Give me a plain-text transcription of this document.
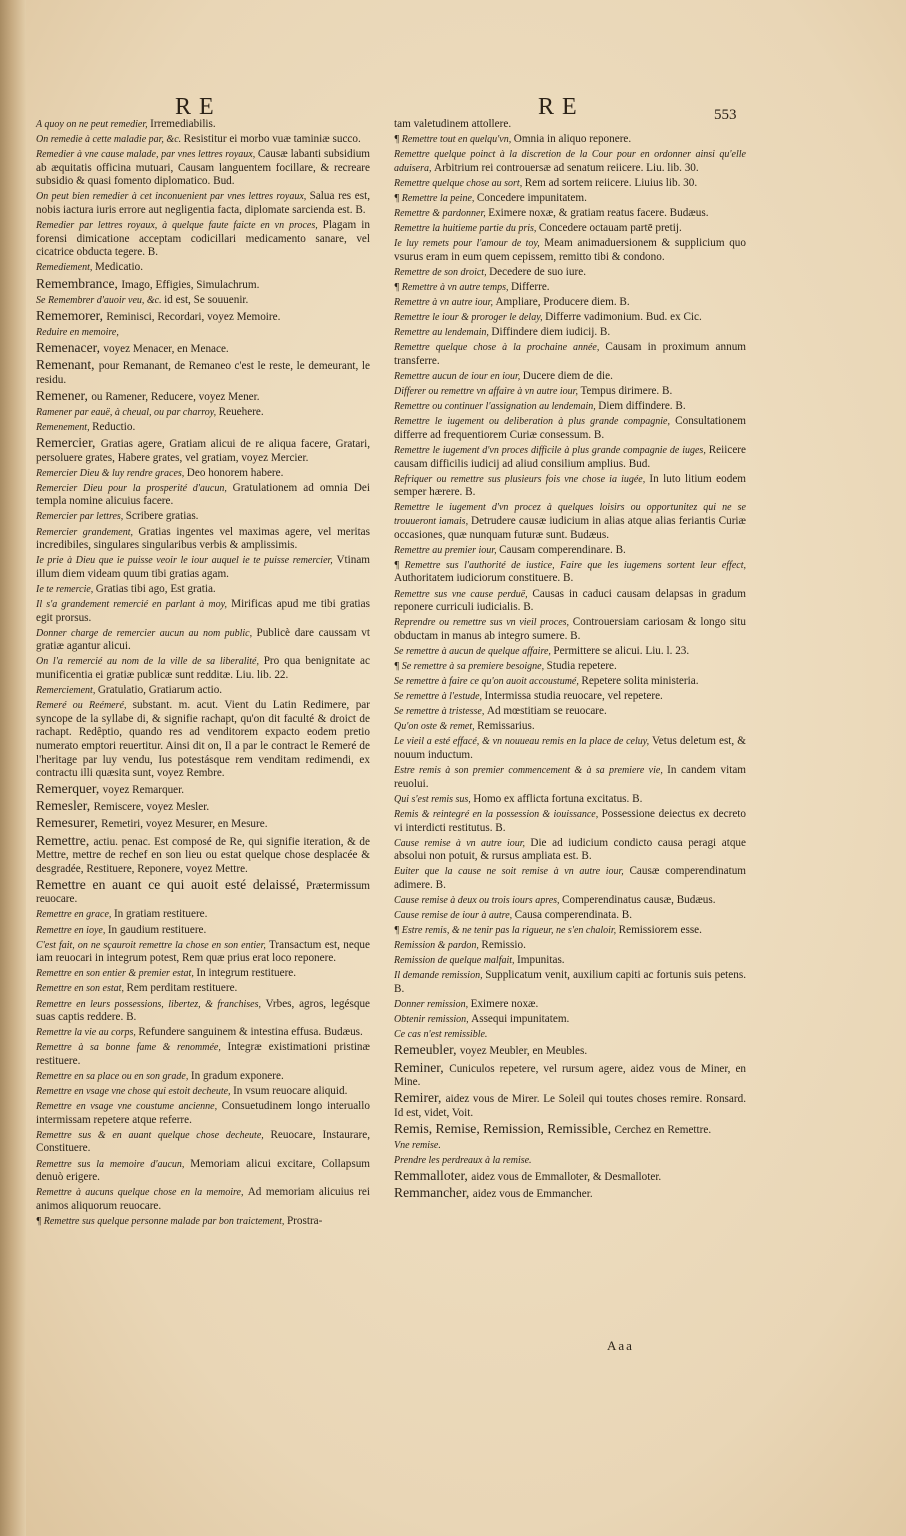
RE	RE	553

A quoy on ne peut remedier, Irremediabilis.

On remedie à cette maladie par, &c. Resistitur ei morbo vuæ taminiæ succo.

Remedier à vne cause malade, par vnes lettres royaux, Causæ labanti subsidium ab æquitatis officina mutuari, Causam languentem focillare, & recreare subsidio & quasi fomento diplomatico. Bud.

On peut bien remedier à cet inconuenient par vnes lettres royaux, Salua res est, nobis iactura iuris errore aut negligentia facta, diplomate sarcienda est. B.

Remedier par lettres royaux, à quelque faute faicte en vn proces, Plagam in forensi dimicatione acceptam codicillari medicamento sanare, vel cicatrice obducta tegere. B.

Remediement, Medicatio.

Remembrance, Imago, Effigies, Simulachrum.

Se Remembrer d'auoir veu, &c. id est, Se souuenir.

Rememorer, Reminisci, Recordari, voyez Memoire.

Reduire en memoire,

Remenacer, voyez Menacer, en Menace.

Remenant, pour Remanant, de Remaneo c'est le reste, le demeurant, le residu.

Remener, ou Ramener, Reducere, voyez Mener.

Ramener par eauë, à cheual, ou par charroy, Reuehere.

Remenement, Reductio.

Remercier, Gratias agere, Gratiam alicui de re aliqua facere, Gratari, persoluere grates, Habere grates, vel gratiam, voyez Mercier.

Remercier Dieu & luy rendre graces, Deo honorem habere.

Remercier Dieu pour la prosperité d'aucun, Gratulationem ad omnia Dei templa nomine alicuius facere.

Remercier par lettres, Scribere gratias.

Remercier grandement, Gratias ingentes vel maximas agere, vel meritas incredibiles, singulares singularibus verbis & amplissimis.

Ie prie à Dieu que ie puisse veoir le iour auquel ie te puisse remercier, Vtinam illum diem videam quum tibi gratias agam.

Ie te remercie, Gratias tibi ago, Est gratia.

Il s'a grandement remercié en parlant à moy, Mirificas apud me tibi gratias egit prorsus.

Donner charge de remercier aucun au nom public, Publicè dare caussam vt gratiæ agantur alicui.

On l'a remercié au nom de la ville de sa liberalité, Pro qua benignitate ac munificentia ei gratiæ publicæ sunt redditæ. Liu. lib. 22.

Remerciement, Gratulatio, Gratiarum actio.

Remeré ou Reémeré, substant. m. acut. Vient du Latin Redimere, par syncope de la syllabe di, & signifie rachapt, qu'on dit faculté & droict de rachapt. Redêptio, quando res ad venditorem expacto eodem pretio numerato emptori reuertitur. Ainsi dit on, Il a par le contract le Remeré de l'heritage par luy vendu, Ius potestásque rem venditam redimendi, ex contractu illi quæsita sunt, voyez Rembre.

Remerquer, voyez Remarquer.

Remesler, Remiscere, voyez Mesler.

Remesurer, Remetiri, voyez Mesurer, en Mesure.

Remettre, actiu. penac. Est composé de Re, qui signifie iteration, & de Mettre, mettre de rechef en son lieu ou estat quelque chose desplacée & desgradée, Restituere, Reponere, voyez Mettre.

Remettre en auant ce qui auoit esté delaissé, Prætermissum reuocare.

Remettre en grace, In gratiam restituere.

Remettre en ioye, In gaudium restituere.

C'est fait, on ne sçauroit remettre la chose en son entier, Transactum est, neque iam reuocari in integrum potest, Rem quæ prius erat loco reponere.

Remettre en son entier & premier estat, In integrum restituere.

Remettre en son estat, Rem perditam restituere.

Remettre en leurs possessions, libertez, & franchises, Vrbes, agros, legésque suas captis reddere. B.

Remettre la vie au corps, Refundere sanguinem & intestina effusa. Budæus.

Remettre à sa bonne fame & renommée, Integræ existimationi pristinæ restituere.

Remettre en sa place ou en son grade, In gradum exponere.

Remettre en vsage vne chose qui estoit decheute, In vsum reuocare aliquid.

Remettre en vsage vne coustume ancienne, Consuetudinem longo interuallo intermissam repetere atque referre.

Remettre sus & en auant quelque chose decheute, Reuocare, Instaurare, Constituere.

Remettre sus la memoire d'aucun, Memoriam alicui excitare, Collapsum denuò erigere.

Remettre à aucuns quelque chose en la memoire, Ad memoriam alicuius rei animos aliquorum reuocare.

¶ Remettre sus quelque personne malade par bon traictement, Prostra-

tam valetudinem attollere.

¶ Remettre tout en quelqu'vn, Omnia in aliquo reponere.

Remettre quelque poinct à la discretion de la Cour pour en ordonner ainsi qu'elle aduisera, Arbitrium rei controuersæ ad senatum reiicere. Liu. lib. 30.

Remettre quelque chose au sort, Rem ad sortem reiicere. Liuius lib. 30.

¶ Remettre la peine, Concedere impunitatem.

Remettre & pardonner, Eximere noxæ, & gratiam reatus facere. Budæus.

Remettre la huitieme partie du pris, Concedere octauam partē pretij.

Ie luy remets pour l'amour de toy, Meam animaduersionem & supplicium quo vsurus eram in eum quem cepissem, remitto tibi & condono.

Remettre de son droict, Decedere de suo iure.

¶ Remettre à vn autre temps, Differre.

Remettre à vn autre iour, Ampliare, Producere diem. B.

Remettre le iour & proroger le delay, Differre vadimonium. Bud. ex Cic.

Remettre au lendemain, Diffindere diem iudicij. B.

Remettre quelque chose à la prochaine année, Causam in proximum annum transferre.

Remettre aucun de iour en iour, Ducere diem de die.

Differer ou remettre vn affaire à vn autre iour, Tempus dirimere. B.

Remettre ou continuer l'assignation au lendemain, Diem diffindere. B.

Remettre le iugement ou deliberation à plus grande compagnie, Consultationem differre ad frequentiorem Curiæ consessum. B.

Remettre le iugement d'vn proces difficile à plus grande compagnie de iuges, Reiicere causam difficilis iudicij ad aliud consilium amplius. Bud.

Refriquer ou remettre sus plusieurs fois vne chose ia iugée, In luto litium eodem semper hærere. B.

Remettre le iugement d'vn procez à quelques loisirs ou opportunitez qui ne se trouueront iamais, Detrudere causæ iudicium in alias atque alias feriantis Curiæ occasiones, quæ nunquam futuræ sunt. Budæus.

Remettre au premier iour, Causam comperendinare. B.

¶ Remettre sus l'authorité de iustice, Faire que les iugemens sortent leur effect, Authoritatem iudiciorum constituere. B.

Remettre sus vne cause perduë, Causas in caduci causam delapsas in gradum reponere curriculi iudicialis. B.

Reprendre ou remettre sus vn vieil proces, Controuersiam cariosam & longo situ obductam in manus ab integro sumere. B.

Se remettre à aucun de quelque affaire, Permittere se alicui. Liu. l. 23.

¶ Se remettre à sa premiere besoigne, Studia repetere.

Se remettre à faire ce qu'on auoit accoustumé, Repetere solita ministeria.

Se remettre à l'estude, Intermissa studia reuocare, vel repetere.

Se remettre à tristesse, Ad mœstitiam se reuocare.

Qu'on oste & remet, Remissarius.

Le vieil a esté effacé, & vn nouueau remis en la place de celuy, Vetus deletum est, & nouum inductum.

Estre remis à son premier commencement & à sa premiere vie, In candem vitam reuolui.

Qui s'est remis sus, Homo ex afflicta fortuna excitatus. B.

Remis & reintegré en la possession & iouissance, Possessione deiectus ex decreto vi interdicti restitutus. B.

Cause remise à vn autre iour, Die ad iudicium condicto causa peragi atque absolui non potuit, & rursus ampliata est. B.

Euiter que la cause ne soit remise à vn autre iour, Causæ comperendinatum adimere. B.

Cause remise à deux ou trois iours apres, Comperendinatus causæ, Budæus.

Cause remise de iour à autre, Causa comperendinata. B.

¶ Estre remis, & ne tenir pas la rigueur, ne s'en chaloir, Remissiorem esse.

Remission & pardon, Remissio.

Remission de quelque malfait, Impunitas.

Il demande remission, Supplicatum venit, auxilium capiti ac fortunis suis petens. B.

Donner remission, Eximere noxæ.

Obtenir remission, Assequi impunitatem.

Ce cas n'est remissible.

Remeubler, voyez Meubler, en Meubles.

Reminer, Cuniculos repetere, vel rursum agere, aidez vous de Miner, en Mine.

Remirer, aidez vous de Mirer. Le Soleil qui toutes choses remire. Ronsard. Id est, videt, Voit.

Remis, Remise, Remission, Remissible, Cerchez en Remettre.

Vne remise.

Prendre les perdreaux à la remise.

Remmalloter, aidez vous de Emmalloter, & Desmalloter.

Remmancher, aidez vous de Emmancher.

Aaa
